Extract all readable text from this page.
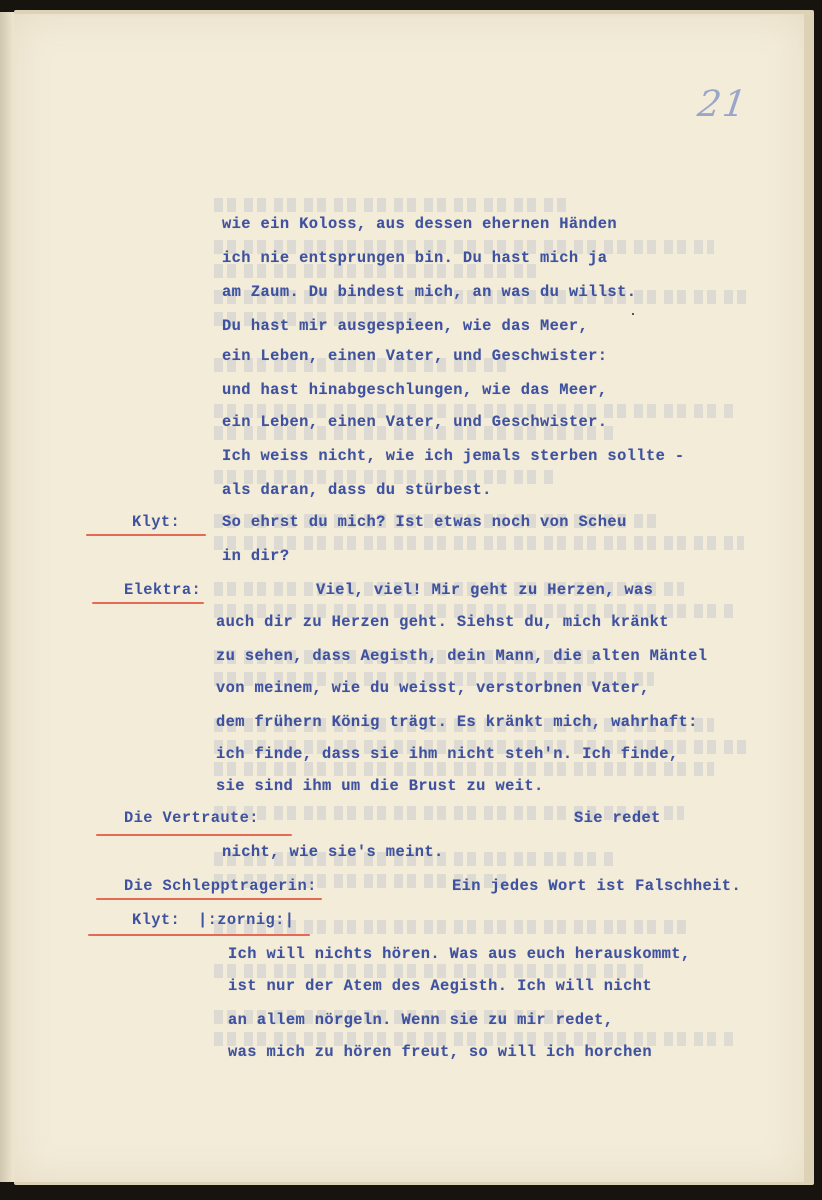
21
Klyt:
Elektra:
Die Vertraute:
Die Schlepptragerin:
Klyt: |:zornig:|
wie ein Koloss, aus dessen ehernen Händen
ich nie entsprungen bin. Du hast mich ja
am Zaum. Du bindest mich, an was du willst.
Du hast mir ausgespieen, wie das Meer,
ein Leben, einen Vater, und Geschwister:
und hast hinabgeschlungen, wie das Meer,
ein Leben, einen Vater, und Geschwister.
Ich weiss nicht, wie ich jemals sterben sollte -
als daran, dass du stürbest.
So ehrst du mich? Ist etwas noch von Scheu
in dir?
Viel, viel! Mir geht zu Herzen, was
auch dir zu Herzen geht. Siehst du, mich kränkt
zu sehen, dass Aegisth, dein Mann, die alten Mäntel
von meinem, wie du weisst, verstorbnen Vater,
dem frühern König trägt. Es kränkt mich, wahrhaft:
ich finde, dass sie ihm nicht steh'n. Ich finde,
sie sind ihm um die Brust zu weit.
Sie redet
nicht, wie sie's meint.
Ein jedes Wort ist Falschheit.
Ich will nichts hören. Was aus euch herauskommt,
ist nur der Atem des Aegisth. Ich will nicht
an allem nörgeln. Wenn sie zu mir redet,
was mich zu hören freut, so will ich horchen
